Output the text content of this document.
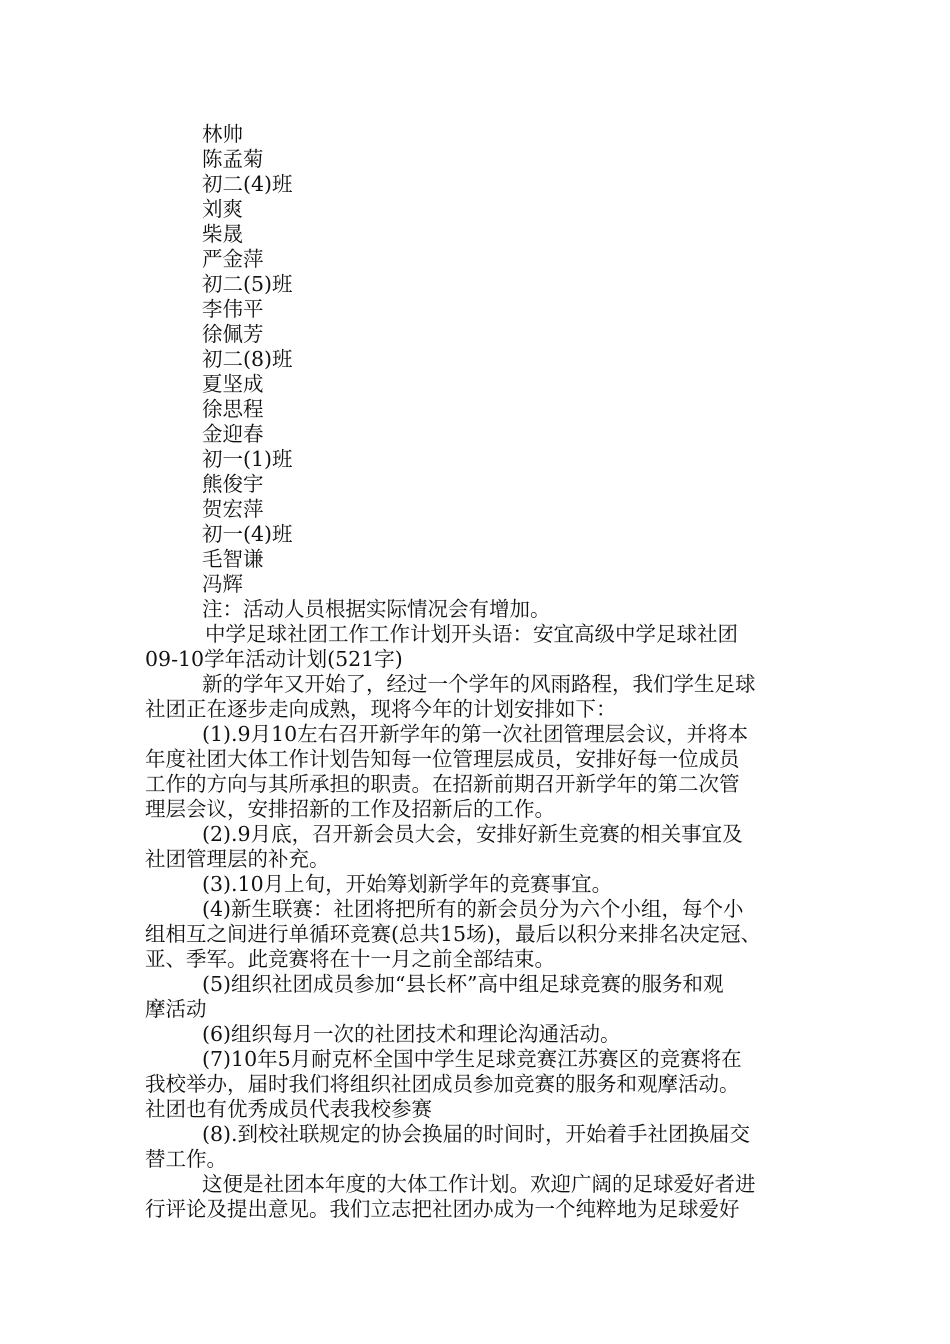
林帅
陈孟菊
初二(4)班
刘爽
柴晟
严金萍
初二(5)班
李伟平
徐佩芳
初二(8)班
夏坚成
徐思程
金迎春
初一(1)班
熊俊宇
贺宏萍
初一(4)班
毛智谦
冯辉
注：活动人员根据实际情况会有增加。
中学足球社团工作工作计划开头语：安宜高级中学足球社团
09-10学年活动计划(521字)
新的学年又开始了，经过一个学年的风雨路程，我们学生足球
社团正在逐步走向成熟，现将今年的计划安排如下：
(1).9月10左右召开新学年的第一次社团管理层会议，并将本
年度社团大体工作计划告知每一位管理层成员，安排好每一位成员
工作的方向与其所承担的职责。在招新前期召开新学年的第二次管
理层会议，安排招新的工作及招新后的工作。
(2).9月底，召开新会员大会，安排好新生竞赛的相关事宜及
社团管理层的补充。
(3).10月上旬，开始筹划新学年的竞赛事宜。
(4)新生联赛：社团将把所有的新会员分为六个小组，每个小
组相互之间进行单循环竞赛(总共15场)，最后以积分来排名决定冠、
亚、季军。此竞赛将在十一月之前全部结束。
(5)组织社团成员参加“县长杯”高中组足球竞赛的服务和观
摩活动
(6)组织每月一次的社团技术和理论沟通活动。
(7)10年5月耐克杯全国中学生足球竞赛江苏赛区的竞赛将在
我校举办，届时我们将组织社团成员参加竞赛的服务和观摩活动。
社团也有优秀成员代表我校参赛
(8).到校社联规定的协会换届的时间时，开始着手社团换届交
替工作。
这便是社团本年度的大体工作计划。欢迎广阔的足球爱好者进
行评论及提出意见。我们立志把社团办成为一个纯粹地为足球爱好
